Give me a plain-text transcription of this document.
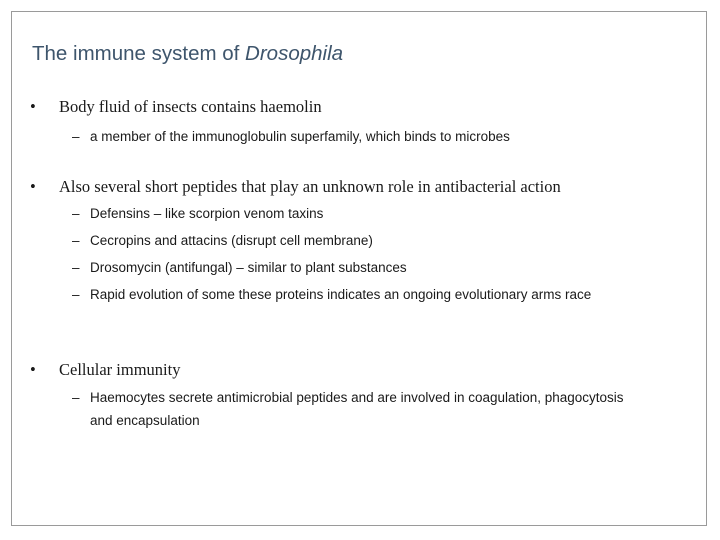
The immune system of Drosophila
• Body fluid of insects contains haemolin
– a member of the immunoglobulin superfamily, which binds to microbes
• Also several short peptides that play an unknown role in antibacterial action
– Defensins – like scorpion venom taxins
– Cecropins and attacins (disrupt cell membrane)
– Drosomycin (antifungal) – similar to plant substances
– Rapid evolution of some these proteins indicates an ongoing evolutionary arms race
• Cellular immunity
– Haemocytes secrete antimicrobial peptides and are involved in coagulation, phagocytosis and encapsulation
